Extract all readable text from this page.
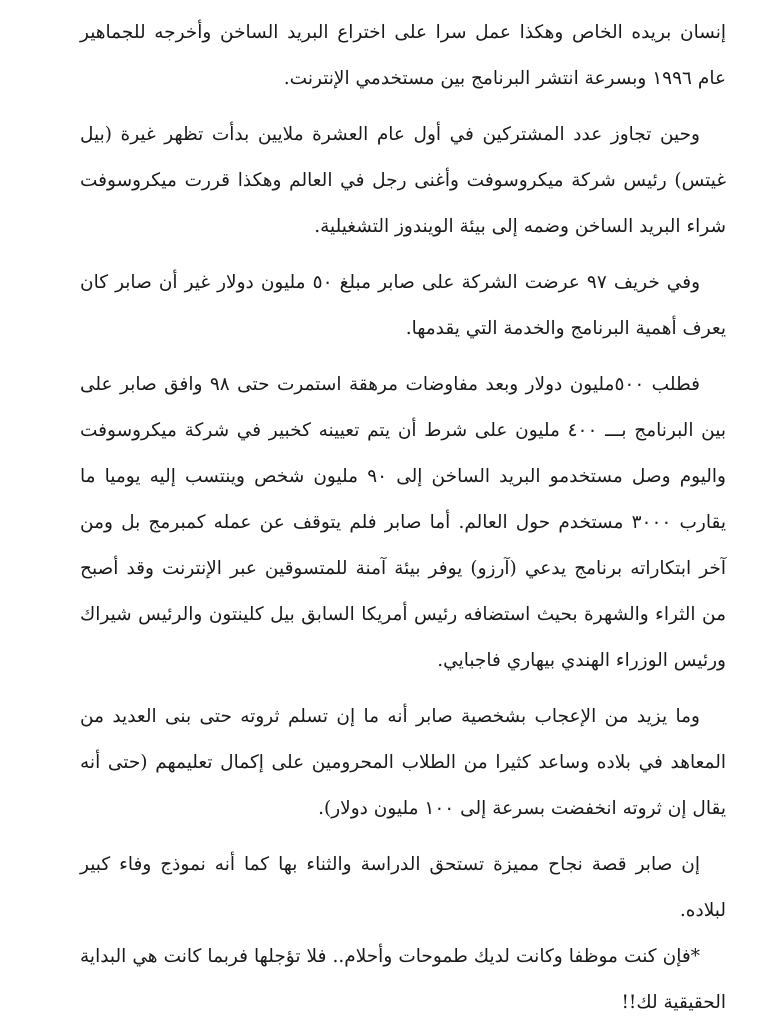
إنسان بريده الخاص وهكذا عمل سرا على اختراع البريد الساخن وأخرجه للجماهير عام ١٩٩٦ وبسرعة انتشر البرنامج بين مستخدمي الإنترنت.

وحين تجاوز عدد المشتركين في أول عام العشرة ملايين بدأت تظهر غيرة (بيل غيتس) رئيس شركة ميكروسوفت وأغنى رجل في العالم وهكذا قررت ميكروسوفت شراء البريد الساخن وضمه إلى بيئة الويندوز التشغيلية.

وفي خريف ٩٧ عرضت الشركة على صابر مبلغ ٥٠ مليون دولار غير أن صابر كان يعرف أهمية البرنامج والخدمة التي يقدمها.

فطلب ٥٠٠مليون دولار وبعد مفاوضات مرهقة استمرت حتى ٩٨ وافق صابر على بين البرنامج بـــ ٤٠٠ مليون على شرط أن يتم تعيينه كخبير في شركة ميكروسوفت واليوم وصل مستخدمو البريد الساخن إلى ٩٠ مليون شخص وينتسب إليه يوميا ما يقارب ٣٠٠٠ مستخدم حول العالم. أما صابر فلم يتوقف عن عمله كمبرمج بل ومن آخر ابتكاراته برنامج يدعي (آرزو) يوفر بيئة آمنة للمتسوقين عبر الإنترنت وقد أصبح من الثراء والشهرة بحيث استضافه رئيس أمريكا السابق بيل كلينتون والرئيس شيراك ورئيس الوزراء الهندي بيهاري فاجبايي.

وما يزيد من الإعجاب بشخصية صابر أنه ما إن تسلم ثروته حتى بنى العديد من المعاهد في بلاده وساعد كثيرا من الطلاب المحرومين على إكمال تعليمهم (حتى أنه يقال إن ثروته انخفضت بسرعة إلى ١٠٠ مليون دولار).

إن صابر قصة نجاح مميزة تستحق الدراسة والثناء بها كما أنه نموذج وفاء كبير لبلاده.

*فإن كنت موظفا وكانت لديك طموحات وأحلام.. فلا تؤجلها فربما كانت هي البداية الحقيقية لك!!
